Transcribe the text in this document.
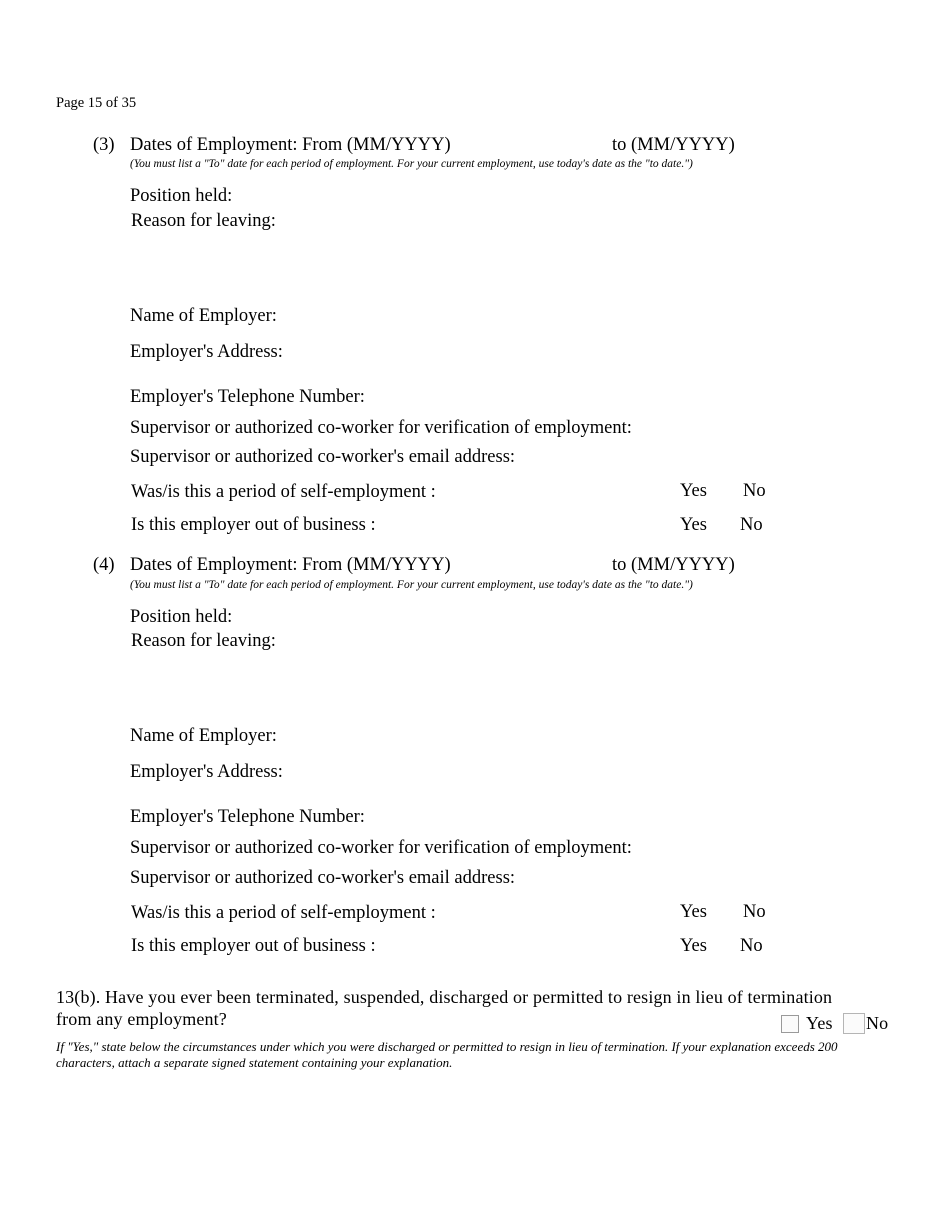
Page 15 of 35
(3) Dates of Employment: From (MM/YYYY)	to (MM/YYYY)
(You must list a "To" date for each period of employment. For your current employment, use today's date as the "to date.")
Position held:
Reason for leaving:
Name of Employer:
Employer's Address:
Employer's Telephone Number:
Supervisor or authorized co-worker for verification of employment:
Supervisor or authorized co-worker's email address:
Was/is this a period of self-employment :	Yes No
Is this employer out of business :	Yes No
(4) Dates of Employment: From (MM/YYYY)	to (MM/YYYY)
(You must list a "To" date for each period of employment. For your current employment, use today's date as the "to date.")
Position held:
Reason for leaving:
Name of Employer:
Employer's Address:
Employer's Telephone Number:
Supervisor or authorized co-worker for verification of employment:
Supervisor or authorized co-worker's email address:
Was/is this a period of self-employment :	Yes No
Is this employer out of business :	Yes No
13(b). Have you ever been terminated, suspended, discharged or permitted to resign in lieu of termination
from any employment?	Yes No
If "Yes," state below the circumstances under which you were discharged or permitted to resign in lieu of termination. If your explanation exceeds 200 characters, attach a separate signed statement containing your explanation.
